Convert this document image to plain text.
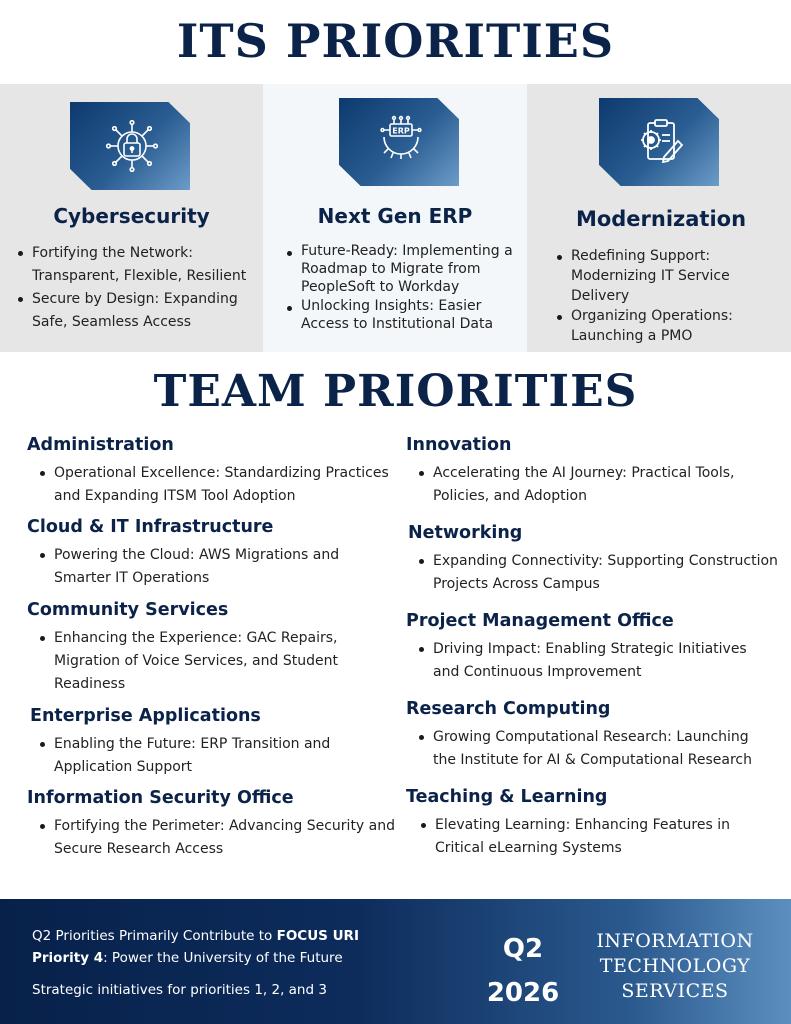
ITS PRIORITIES
Cybersecurity
Fortifying the Network: Transparent, Flexible, Resilient
Secure by Design: Expanding Safe, Seamless Access
ERP
Next Gen ERP
Future-Ready: Implementing a Roadmap to Migrate from PeopleSoft to Workday
Unlocking Insights: Easier Access to Institutional Data
Modernization
Redefining Support: Modernizing IT Service Delivery
Organizing Operations: Launching a PMO
TEAM PRIORITIES
Administration
Operational Excellence: Standardizing Practices and Expanding ITSM Tool Adoption
Cloud & IT Infrastructure
Powering the Cloud: AWS Migrations and Smarter IT Operations
Community Services
Enhancing the Experience: GAC Repairs, Migration of Voice Services, and Student Readiness
Enterprise Applications
Enabling the Future: ERP Transition and Application Support
Information Security Office
Fortifying the Perimeter: Advancing Security and Secure Research Access
Innovation
Accelerating the AI Journey: Practical Tools, Policies, and Adoption
Networking
Expanding Connectivity: Supporting Construction Projects Across Campus
Project Management Office
Driving Impact: Enabling Strategic Initiatives and Continuous Improvement
Research Computing
Growing Computational Research: Launching the Institute for AI & Computational Research
Teaching & Learning
Elevating Learning: Enhancing Features in Critical eLearning Systems
Q2 Priorities Primarily Contribute to FOCUS URI
Priority 4: Power the University of the Future
Strategic initiatives for priorities 1, 2, and 3
Q2
2026
INFORMATION
TECHNOLOGY
SERVICES
